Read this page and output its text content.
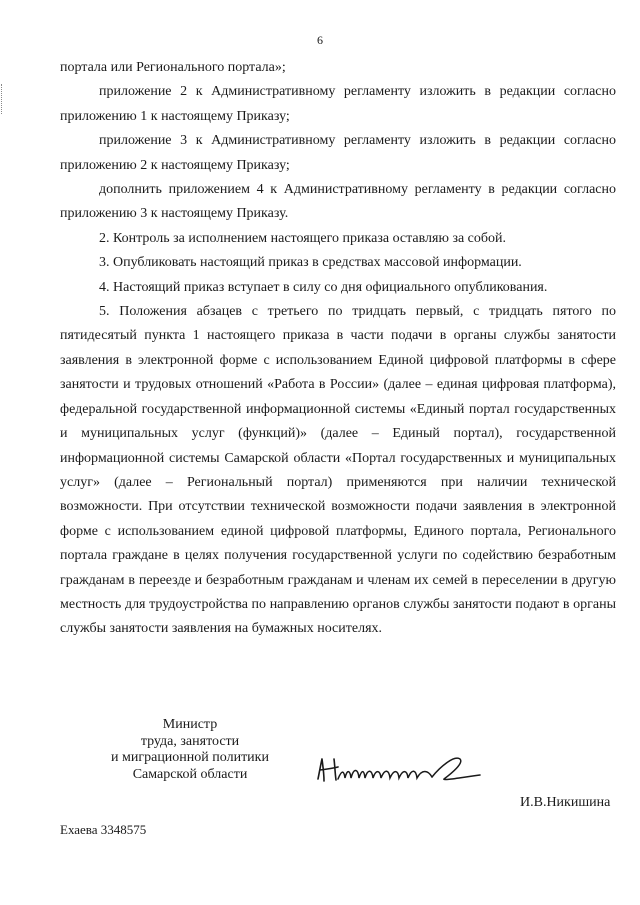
6

портала или Регионального портала»;

приложение 2 к Административному регламенту изложить в редакции согласно приложению 1 к настоящему Приказу;

приложение 3 к Административному регламенту изложить в редакции согласно приложению 2 к настоящему Приказу;

дополнить приложением 4 к Административному регламенту в редакции согласно приложению 3 к настоящему Приказу.

2. Контроль за исполнением настоящего приказа оставляю за собой.

3. Опубликовать настоящий приказ в средствах массовой информации.

4. Настоящий приказ вступает в силу со дня официального опубликования.

5. Положения абзацев с третьего по тридцать первый, с тридцать пятого по пятидесятый пункта 1 настоящего приказа в части подачи в органы службы занятости заявления в электронной форме с использованием Единой цифровой платформы в сфере занятости и трудовых отношений «Работа в России» (далее – единая цифровая платформа), федеральной государственной информационной системы «Единый портал государственных и муниципальных услуг (функций)» (далее – Единый портал), государственной информационной системы Самарской области «Портал государственных и муниципальных услуг» (далее – Региональный портал) применяются при наличии технической возможности. При отсутствии технической возможности подачи заявления в электронной форме с использованием единой цифровой платформы, Единого портала, Регионального портала граждане в целях получения государственной услуги по содействию безработным гражданам в переезде и безработным гражданам и членам их семей в переселении в другую местность для трудоустройства по направлению органов службы занятости подают в органы службы занятости заявления на бумажных носителях.

Министр
труда, занятости
и миграционной политики
Самарской области
И.В.Никишина
Ехаева 3348575
